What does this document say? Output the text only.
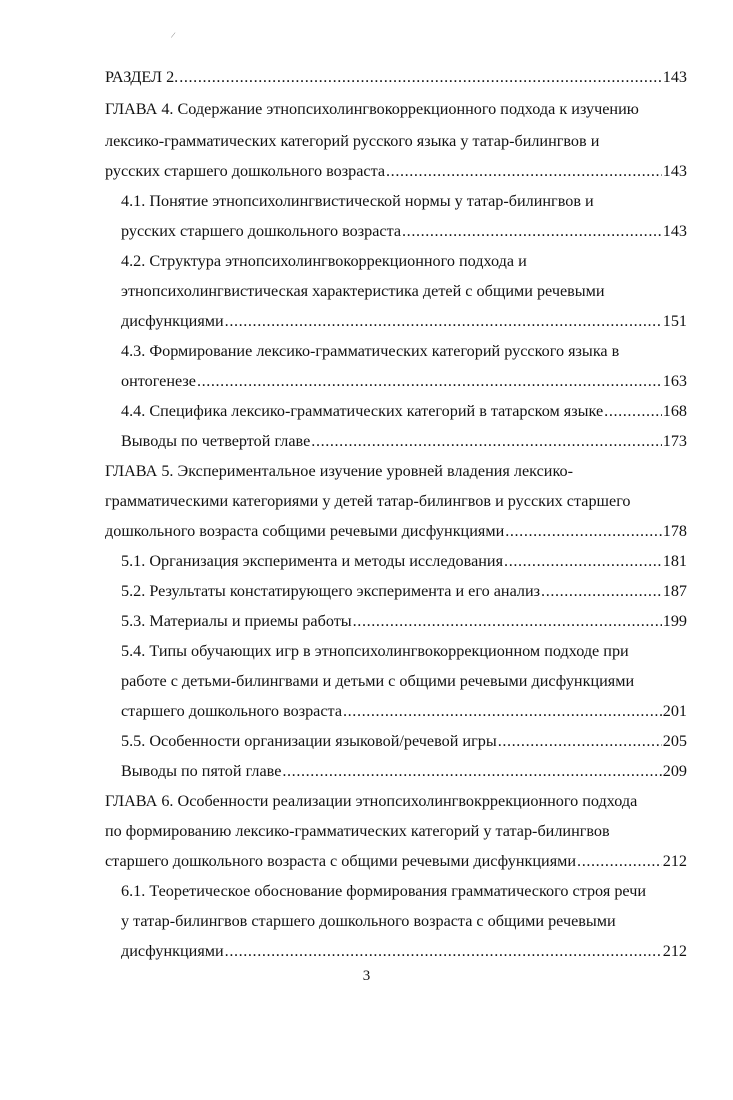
/
РАЗДЕЛ 2. .....	143
ГЛАВА 4. Содержание этнопсихолингвокоррекционного подхода к изучению
лексико-грамматических категорий русского языка у татар-билингвов и
русских старшего дошкольного возраста .....	143
4.1. Понятие этнопсихолингвистической нормы у татар-билингвов и
русских старшего дошкольного возраста .....	143
4.2. Структура этнопсихолингвокоррекционного подхода и
этнопсихолингвистическая характеристика детей с общими речевыми
дисфункциями .....	151
4.3. Формирование лексико-грамматических категорий русского языка в
онтогенезе .....	163
4.4. Специфика лексико-грамматических категорий в татарском языке .....	168
Выводы по четвертой главе .....	173
ГЛАВА 5. Экспериментальное изучение уровней владения лексико-
грамматическими категориями у детей татар-билингвов и русских старшего
дошкольного возраста собщими речевыми дисфункциями .....	178
5.1. Организация эксперимента и методы исследования .....	181
5.2. Результаты констатирующего эксперимента и его анализ .....	187
5.3. Материалы и приемы работы .....	199
5.4. Типы обучающих игр в этнопсихолингвокоррекционном подходе при
работе с детьми-билингвами и детьми с общими речевыми дисфункциями
старшего дошкольного возраста .....	201
5.5. Особенности организации языковой/речевой игры .....	205
Выводы по пятой главе .....	209
ГЛАВА 6. Особенности реализации этнопсихолингвокррекционного подхода
по формированию лексико-грамматических категорий у татар-билингвов
старшего дошкольного возраста с общими речевыми дисфункциями .....	212
6.1. Теоретическое обоснование формирования грамматического строя речи
у татар-билингвов старшего дошкольного возраста с общими речевыми
дисфункциями .....	212
3
